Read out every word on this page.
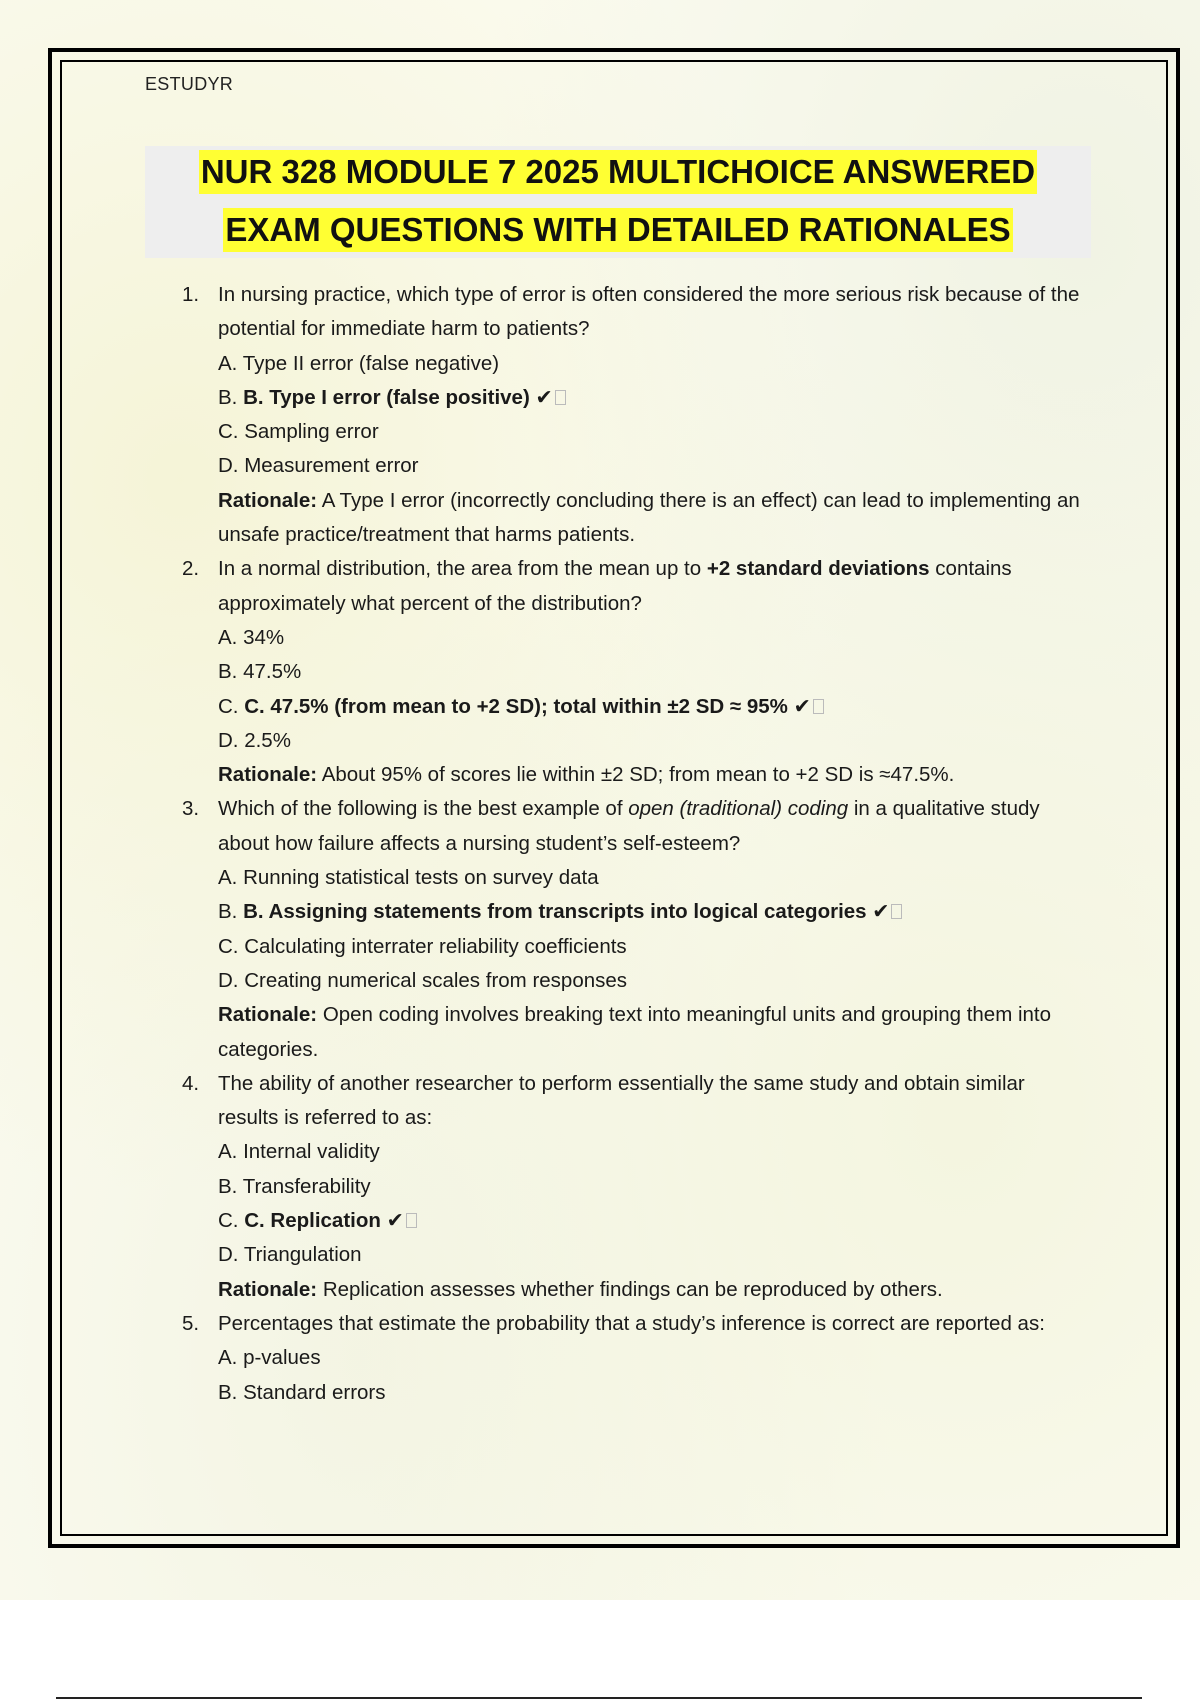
ESTUDYR
NUR 328 MODULE 7 2025 MULTICHOICE ANSWERED
EXAM QUESTIONS WITH DETAILED RATIONALES
1. In nursing practice, which type of error is often considered the more serious risk because of the potential for immediate harm to patients?
A. Type II error (false negative)
B. B. Type I error (false positive) ✔
C. Sampling error
D. Measurement error
Rationale: A Type I error (incorrectly concluding there is an effect) can lead to implementing an unsafe practice/treatment that harms patients.
2. In a normal distribution, the area from the mean up to +2 standard deviations contains approximately what percent of the distribution?
A. 34%
B. 47.5%
C. C. 47.5% (from mean to +2 SD); total within ±2 SD ≈ 95% ✔
D. 2.5%
Rationale: About 95% of scores lie within ±2 SD; from mean to +2 SD is ≈47.5%.
3. Which of the following is the best example of open (traditional) coding in a qualitative study about how failure affects a nursing student’s self-esteem?
A. Running statistical tests on survey data
B. B. Assigning statements from transcripts into logical categories ✔
C. Calculating interrater reliability coefficients
D. Creating numerical scales from responses
Rationale: Open coding involves breaking text into meaningful units and grouping them into categories.
4. The ability of another researcher to perform essentially the same study and obtain similar results is referred to as:
A. Internal validity
B. Transferability
C. C. Replication ✔
D. Triangulation
Rationale: Replication assesses whether findings can be reproduced by others.
5. Percentages that estimate the probability that a study’s inference is correct are reported as:
A. p-values
B. Standard errors
